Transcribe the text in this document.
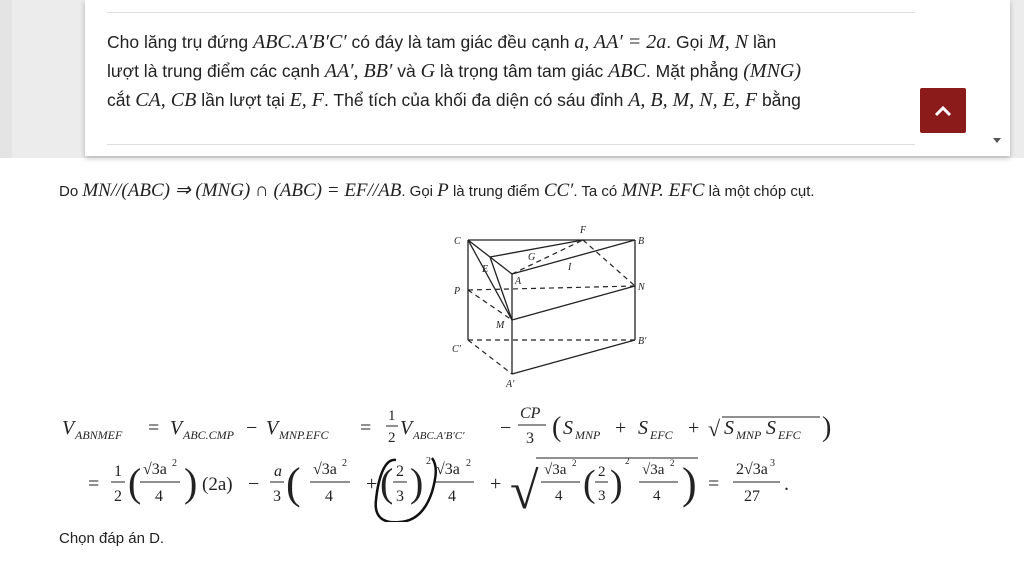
Cho lăng trụ đứng ABC.A′B′C′ có đáy là tam giác đều cạnh a, AA′ = 2a. Gọi M, N lần
lượt là trung điểm các cạnh AA′, BB′ và G là trọng tâm tam giác ABC. Mặt phẳng (MNG)
cắt CA, CB lần lượt tại E, F. Thể tích của khối đa diện có sáu đỉnh A, B, M, N, E, F bằng
Do MN//(ABC) ⇒ (MNG) ∩ (ABC) = EF//AB. Gọi P là trung điểm CC′. Ta có MNP. EFC là một chóp cụt.
C
F
B
G
I
E
A
P	N
M
C′
B′
A′
V ABNMEF = V ABC.CMP − V MNP.EFC =
1
2 V ABC.A′B′C′ −
CP
3 ( S MNP + S EFC + √ S MNP S EFC )
=
1
2 ( √3a 2
4 ) (2a) −
a
3 ( √3a 2
4
+ ( 2
3 ) 2 √3a 2
4
+ √ √3a 2
4 ( 2
3 )
2
√3a 2
4 ) =
2√3a 3
27
.
Chọn đáp án D.
